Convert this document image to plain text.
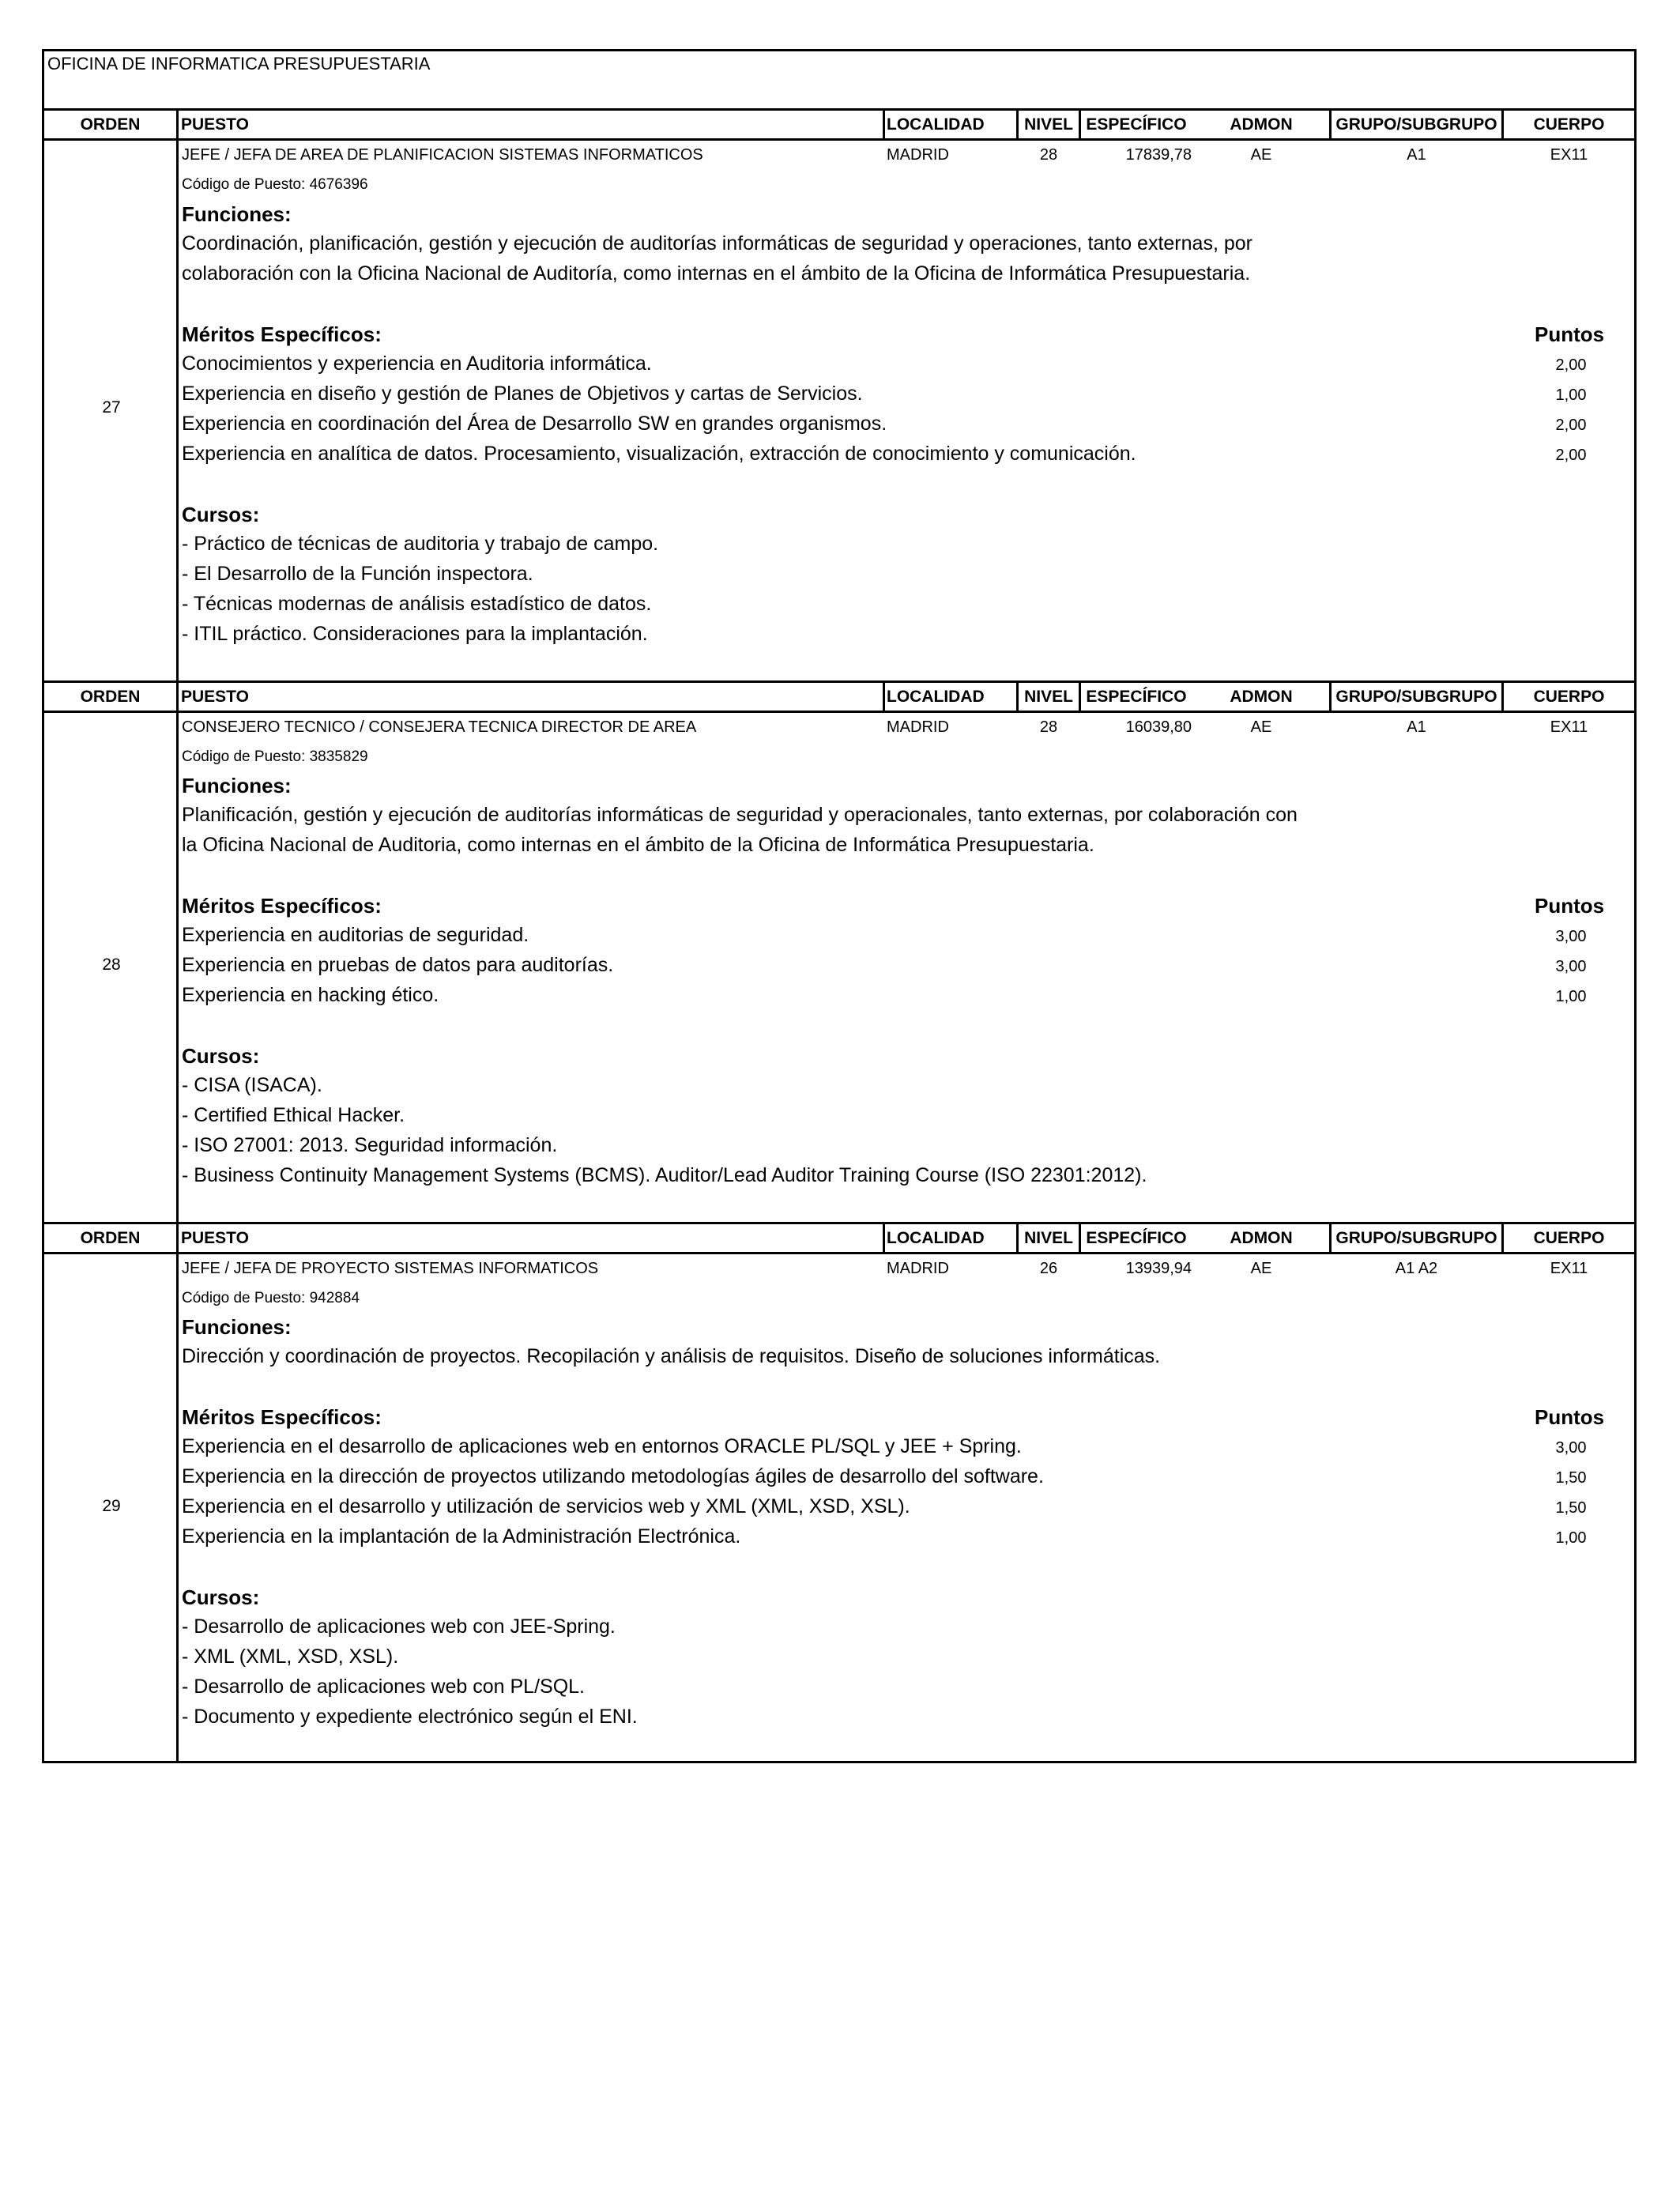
OFICINA DE INFORMATICA PRESUPUESTARIA
ORDEN	PUESTO	LOCALIDAD	NIVEL ESPECÍFICO	ADMON	GRUPO/SUBGRUPO	CUERPO
27
JEFE / JEFA DE AREA DE PLANIFICACION SISTEMAS INFORMATICOS	MADRID	28	17839,78	AE	A1	EX11
Código de Puesto: 4676396
Funciones:
Coordinación, planificación, gestión y ejecución de auditorías informáticas de seguridad y operaciones, tanto externas, por
colaboración con la Oficina Nacional de Auditoría, como internas en el ámbito de la Oficina de Informática Presupuestaria.
Méritos Específicos:	Puntos
Conocimientos y experiencia en Auditoria informática.	2,00
Experiencia en diseño y gestión de Planes de Objetivos y cartas de Servicios.	1,00
Experiencia en coordinación del Área de Desarrollo SW en grandes organismos.	2,00
Experiencia en analítica de datos. Procesamiento, visualización, extracción de conocimiento y comunicación.	2,00
Cursos:
- Práctico de técnicas de auditoria y trabajo de campo.
- El Desarrollo de la Función inspectora.
- Técnicas modernas de análisis estadístico de datos.
- ITIL práctico. Consideraciones para la implantación.
ORDEN	PUESTO	LOCALIDAD	NIVEL ESPECÍFICO	ADMON	GRUPO/SUBGRUPO	CUERPO
28
CONSEJERO TECNICO / CONSEJERA TECNICA DIRECTOR DE AREA	MADRID	28	16039,80	AE	A1	EX11
Código de Puesto: 3835829
Funciones:
Planificación, gestión y ejecución de auditorías informáticas de seguridad y operacionales, tanto externas, por colaboración con
la Oficina Nacional de Auditoria, como internas en el ámbito de la Oficina de Informática Presupuestaria.
Méritos Específicos:	Puntos
Experiencia en auditorias de seguridad.	3,00
Experiencia en pruebas de datos para auditorías.	3,00
Experiencia en hacking ético.	1,00
Cursos:
- CISA (ISACA).
- Certified Ethical Hacker.
- ISO 27001: 2013. Seguridad información.
- Business Continuity Management Systems (BCMS). Auditor/Lead Auditor Training Course (ISO 22301:2012).
ORDEN	PUESTO	LOCALIDAD	NIVEL ESPECÍFICO	ADMON	GRUPO/SUBGRUPO	CUERPO
29
JEFE / JEFA DE PROYECTO SISTEMAS INFORMATICOS	MADRID	26	13939,94	AE	A1 A2	EX11
Código de Puesto: 942884
Funciones:
Dirección y coordinación de proyectos. Recopilación y análisis de requisitos. Diseño de soluciones informáticas.
Méritos Específicos:	Puntos
Experiencia en el desarrollo de aplicaciones web en entornos ORACLE PL/SQL y JEE + Spring.	3,00
Experiencia en la dirección de proyectos utilizando metodologías ágiles de desarrollo del software.	1,50
Experiencia en el desarrollo y utilización de servicios web y XML (XML, XSD, XSL).	1,50
Experiencia en la implantación de la Administración Electrónica.	1,00
Cursos:
- Desarrollo de aplicaciones web con JEE-Spring.
- XML (XML, XSD, XSL).
- Desarrollo de aplicaciones web con PL/SQL.
- Documento y expediente electrónico según el ENI.
